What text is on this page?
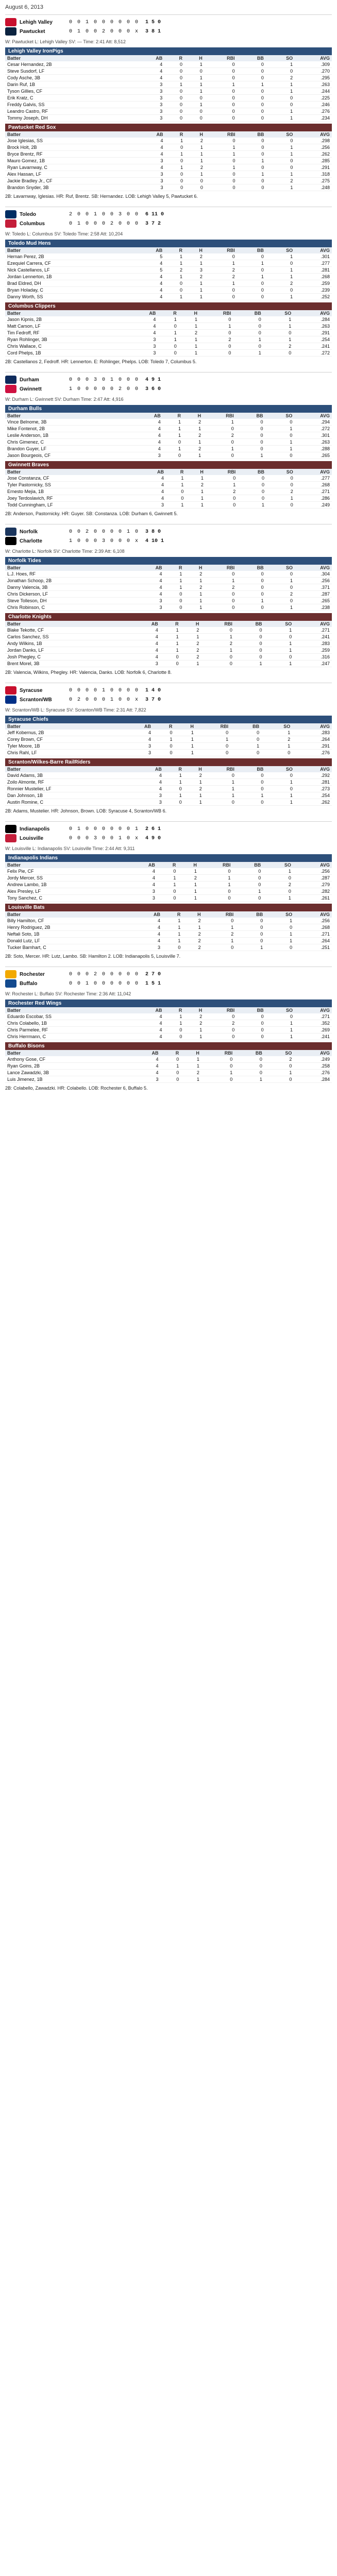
August 6, 2013
Lehigh Valley	0 0 1 0 0 0 0 0 0 1 5 0
Pawtucket	0 1 0 0 2 0 0 0 x 3 8 1
W: Pawtucket L: Lehigh Valley SV: — Time: 2:41 Att: 8,512
Lehigh Valley IronPigs
Batter	AB	R	H	RBI	BB	SO	AVG
Cesar Hernandez, 2B	4	0	1	0	0	1	.309
Steve Susdorf, LF	4	0	0	0	0	0	.270
Cody Asche, 3B	4	0	1	0	0	2	.295
Darin Ruf, 1B	3	1	1	1	1	1	.263
Tyson Gillies, CF	3	0	1	0	0	1	.244
Erik Kratz, C	3	0	0	0	0	0	.225
Freddy Galvis, SS	3	0	1	0	0	0	.246
Leandro Castro, RF	3	0	0	0	0	1	.276
Tommy Joseph, DH	3	0	0	0	0	1	.234
Pawtucket Red Sox
Batter	AB	R	H	RBI	BB	SO	AVG
Jose Iglesias, SS	4	1	2	0	0	0	.298
Brock Holt, 2B	4	0	1	1	0	1	.256
Bryce Brentz, RF	4	1	1	1	0	1	.262
Mauro Gomez, 1B	3	0	1	0	1	0	.285
Ryan Lavarnway, C	4	1	2	1	0	0	.291
Alex Hassan, LF	3	0	1	0	1	1	.318
Jackie Bradley Jr., CF	3	0	0	0	0	2	.275
Brandon Snyder, 3B	3	0	0	0	0	1	.248
2B: Lavarnway, Iglesias. HR: Ruf, Brentz. SB: Hernandez. LOB: Lehigh Valley 5, Pawtucket 6.
Toledo	2 0 0 1 0 0 3 0 0 6 11 0
Columbus	0 1 0 0 0 2 0 0 0 3 7 2
W: Toledo L: Columbus SV: Toledo Time: 2:58 Att: 10,204
Toledo Mud Hens
Batter	AB	R	H	RBI	BB	SO	AVG
Hernan Perez, 2B	5	1	2	0	0	1	.301
Ezequiel Carrera, CF	4	1	1	1	1	0	.277
Nick Castellanos, LF	5	2	3	2	0	1	.281
Jordan Lennerton, 1B	4	1	2	2	1	1	.268
Brad Eldred, DH	4	0	1	1	0	2	.259
Bryan Holaday, C	4	0	1	0	0	0	.239
Danny Worth, SS	4	1	1	0	0	1	.252
Columbus Clippers
Batter	AB	R	H	RBI	BB	SO	AVG
Jason Kipnis, 2B	4	1	1	0	0	1	.284
Matt Carson, LF	4	0	1	1	0	1	.263
Tim Fedroff, RF	4	1	2	0	0	0	.291
Ryan Rohlinger, 3B	3	1	1	2	1	1	.254
Chris Wallace, C	3	0	1	0	0	2	.241
Cord Phelps, 1B	3	0	1	0	1	0	.272
2B: Castellanos 2, Fedroff. HR: Lennerton. E: Rohlinger, Phelps. LOB: Toledo 7, Columbus 5.
Durham	0 0 0 3 0 1 0 0 0 4 9 1
Gwinnett	1 0 0 0 0 0 2 0 0 3 6 0
W: Durham L: Gwinnett SV: Durham Time: 2:47 Att: 4,916
Durham Bulls
Batter	AB	R	H	RBI	BB	SO	AVG
Vince Belnome, 3B	4	1	2	1	0	0	.294
Mike Fontenot, 2B	4	1	1	0	0	1	.272
Leslie Anderson, 1B	4	1	2	2	0	0	.301
Chris Gimenez, C	4	0	1	0	0	1	.263
Brandon Guyer, LF	4	1	2	1	0	1	.288
Jason Bourgeois, CF	3	0	1	0	1	0	.265
Gwinnett Braves
Batter	AB	R	H	RBI	BB	SO	AVG
Jose Constanza, CF	4	1	1	0	0	0	.277
Tyler Pastornicky, SS	4	1	2	1	0	0	.268
Ernesto Mejia, 1B	4	0	1	2	0	2	.271
Joey Terdoslavich, RF	4	0	1	0	0	1	.286
Todd Cunningham, LF	3	1	1	0	1	0	.249
2B: Anderson, Pastornicky. HR: Guyer. SB: Constanza. LOB: Durham 6, Gwinnett 5.
Norfolk	0 0 2 0 0 0 0 1 0 3 8 0
Charlotte	1 0 0 0 3 0 0 0 x 4 10 1
W: Charlotte L: Norfolk SV: Charlotte Time: 2:39 Att: 6,108
Norfolk Tides
Batter	AB	R	H	RBI	BB	SO	AVG
L.J. Hoes, RF	4	1	2	0	0	0	.304
Jonathan Schoop, 2B	4	1	1	1	0	1	.256
Danny Valencia, 3B	4	1	2	2	0	0	.371
Chris Dickerson, LF	4	0	1	0	0	2	.287
Steve Tolleson, DH	3	0	1	0	1	0	.265
Chris Robinson, C	3	0	1	0	0	1	.238
Charlotte Knights
Batter	AB	R	H	RBI	BB	SO	AVG
Blake Tekotte, CF	4	1	2	0	0	1	.271
Carlos Sanchez, SS	4	1	1	1	0	0	.241
Andy Wilkins, 1B	4	1	2	2	0	1	.283
Jordan Danks, LF	4	1	2	1	0	1	.259
Josh Phegley, C	4	0	2	0	0	0	.316
Brent Morel, 3B	3	0	1	0	1	1	.247
2B: Valencia, Wilkins, Phegley. HR: Valencia, Danks. LOB: Norfolk 6, Charlotte 8.
Syracuse	0 0 0 0 1 0 0 0 0 1 4 0
Scranton/WB	0 2 0 0 0 1 0 0 x 3 7 0
W: Scranton/WB L: Syracuse SV: Scranton/WB Time: 2:31 Att: 7,822
Syracuse Chiefs
Batter	AB	R	H	RBI	BB	SO	AVG
Jeff Kobernus, 2B	4	0	1	0	0	1	.283
Corey Brown, CF	4	1	1	1	0	2	.264
Tyler Moore, 1B	3	0	1	0	1	1	.291
Chris Rahl, LF	3	0	1	0	0	0	.276
Scranton/Wilkes-Barre RailRiders
Batter	AB	R	H	RBI	BB	SO	AVG
David Adams, 3B	4	1	2	0	0	0	.292
Zoilo Almonte, RF	4	1	1	1	0	1	.281
Ronnier Mustelier, LF	4	0	2	1	0	0	.273
Dan Johnson, 1B	3	1	1	1	1	1	.254
Austin Romine, C	3	0	1	0	0	1	.262
2B: Adams, Mustelier. HR: Johnson, Brown. LOB: Syracuse 4, Scranton/WB 6.
Indianapolis	0 1 0 0 0 0 0 0 1 2 6 1
Louisville	0 0 0 3 0 0 1 0 x 4 9 0
W: Louisville L: Indianapolis SV: Louisville Time: 2:44 Att: 9,311
Indianapolis Indians
Batter	AB	R	H	RBI	BB	SO	AVG
Felix Pie, CF	4	0	1	0	0	1	.256
Jordy Mercer, SS	4	1	2	1	0	0	.287
Andrew Lambo, 1B	4	1	1	1	0	2	.279
Alex Presley, LF	3	0	1	0	1	0	.282
Tony Sanchez, C	3	0	1	0	0	1	.261
Louisville Bats
Batter	AB	R	H	RBI	BB	SO	AVG
Billy Hamilton, CF	4	1	2	0	0	1	.256
Henry Rodriguez, 2B	4	1	1	1	0	0	.268
Neftali Soto, 1B	4	1	2	2	0	1	.271
Donald Lutz, LF	4	1	2	1	0	1	.264
Tucker Barnhart, C	3	0	2	0	1	0	.251
2B: Soto, Mercer. HR: Lutz, Lambo. SB: Hamilton 2. LOB: Indianapolis 5, Louisville 7.
Rochester	0 0 0 2 0 0 0 0 0 2 7 0
Buffalo	0 0 1 0 0 0 0 0 0 1 5 1
W: Rochester L: Buffalo SV: Rochester Time: 2:36 Att: 11,042
Rochester Red Wings
Batter	AB	R	H	RBI	BB	SO	AVG
Eduardo Escobar, SS	4	1	2	0	0	0	.271
Chris Colabello, 1B	4	1	2	2	0	1	.352
Chris Parmelee, RF	4	0	1	0	0	1	.269
Chris Herrmann, C	4	0	1	0	0	1	.241
Buffalo Bisons
Batter	AB	R	H	RBI	BB	SO	AVG
Anthony Gose, CF	4	0	1	0	0	2	.249
Ryan Goins, 2B	4	1	1	0	0	0	.258
Lance Zawadzki, 3B	4	0	2	1	0	1	.276
Luis Jimenez, 1B	3	0	1	0	1	0	.284
2B: Colabello, Zawadzki. HR: Colabello. LOB: Rochester 6, Buffalo 5.
